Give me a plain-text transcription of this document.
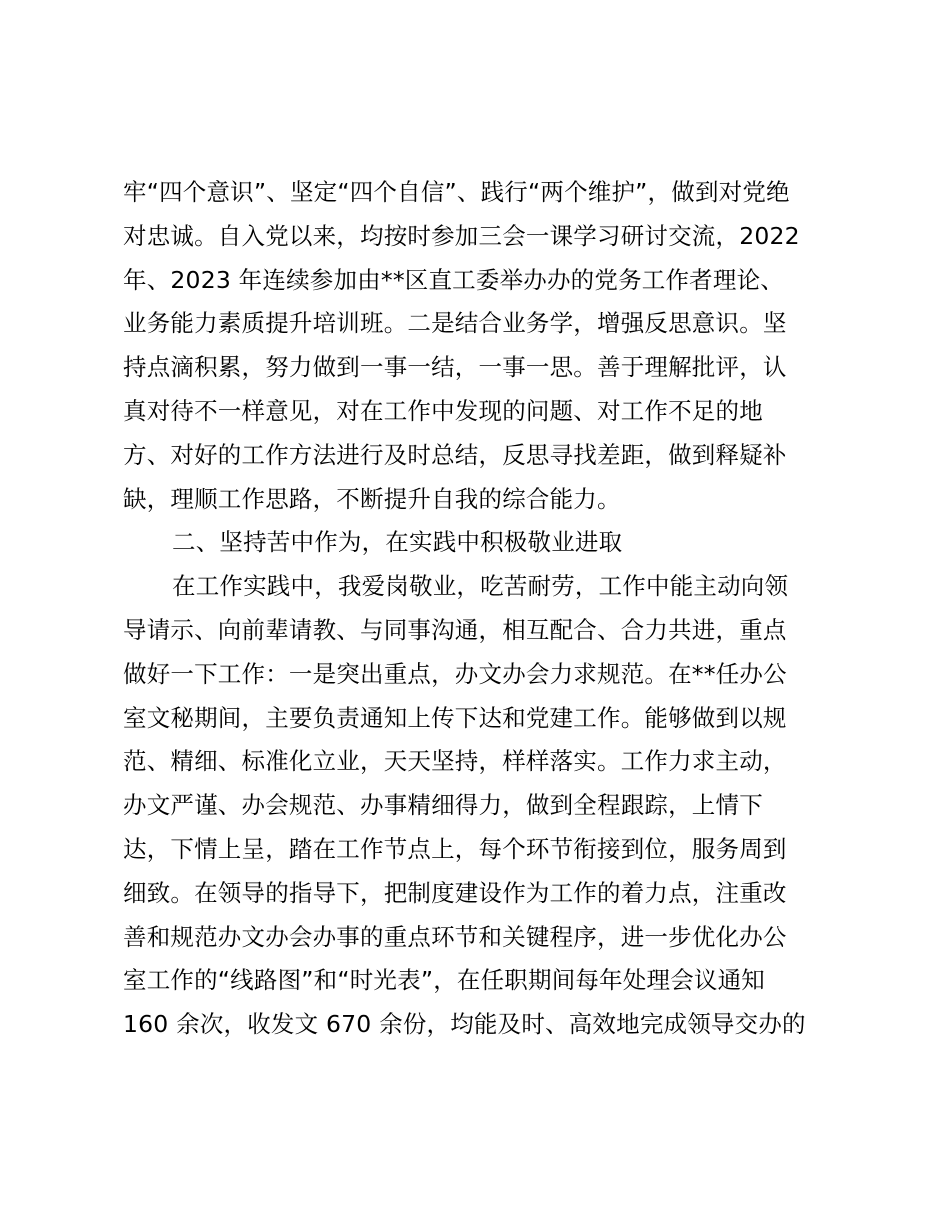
牢“四个意识”、坚定“四个自信”、践行“两个维护”，做到对党绝
对忠诚。自入党以来，均按时参加三会一课学习研讨交流，2022
年、2023 年连续参加由**区直工委举办办的党务工作者理论、
业务能力素质提升培训班。二是结合业务学，增强反思意识。坚
持点滴积累，努力做到一事一结，一事一思。善于理解批评，认
真对待不一样意见，对在工作中发现的问题、对工作不足的地
方、对好的工作方法进行及时总结，反思寻找差距，做到释疑补
缺，理顺工作思路，不断提升自我的综合能力。
二、坚持苦中作为，在实践中积极敬业进取
在工作实践中，我爱岗敬业，吃苦耐劳，工作中能主动向领
导请示、向前辈请教、与同事沟通，相互配合、合力共进，重点
做好一下工作：一是突出重点，办文办会力求规范。在**任办公
室文秘期间，主要负责通知上传下达和党建工作。能够做到以规
范、精细、标准化立业，天天坚持，样样落实。工作力求主动，
办文严谨、办会规范、办事精细得力，做到全程跟踪，上情下
达，下情上呈，踏在工作节点上，每个环节衔接到位，服务周到
细致。在领导的指导下，把制度建设作为工作的着力点，注重改
善和规范办文办会办事的重点环节和关键程序，进一步优化办公
室工作的“线路图”和“时光表”，在任职期间每年处理会议通知
160 余次，收发文 670 余份，均能及时、高效地完成领导交办的
